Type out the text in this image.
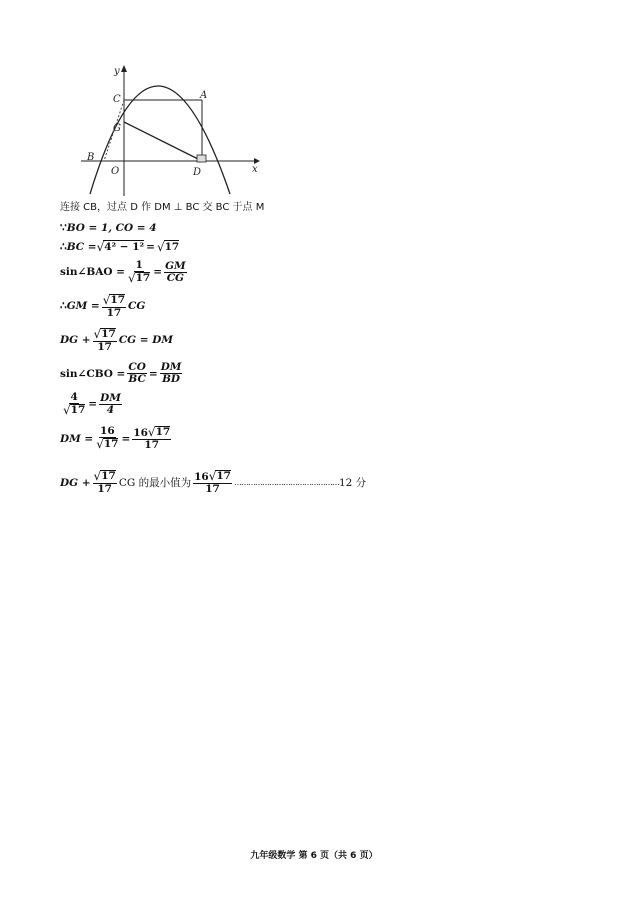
y
x
O
A
B
C
D
G
连接 CB，过点 D 作 DM ⊥ BC 交 BC 于点 M
∵ BO = 1, CO = 4
∴ BC = √ 4² − 1² = √ 17
sin∠BAO = $\frac{1}{√ 17} = \frac{GM}{CG}$
∴ GM = $\frac{√ 17}{17}$ CG
DG + $\frac{√ 17}{17}$ CG = DM
sin∠CBO = $\frac{CO}{BC} = \frac{DM}{BD}$
$\frac{4}{√ 17} = \frac{DM}{4}$
DM = $\frac{16}{√ 17} = \frac{16 √ 17}{17}$
DG + $\frac{√ 17}{17}$ CG 的最小值为 $\frac{16 √ 17}{17}$ ……………………………………… 12 分
九年级数学 第 6 页（共 6 页）
